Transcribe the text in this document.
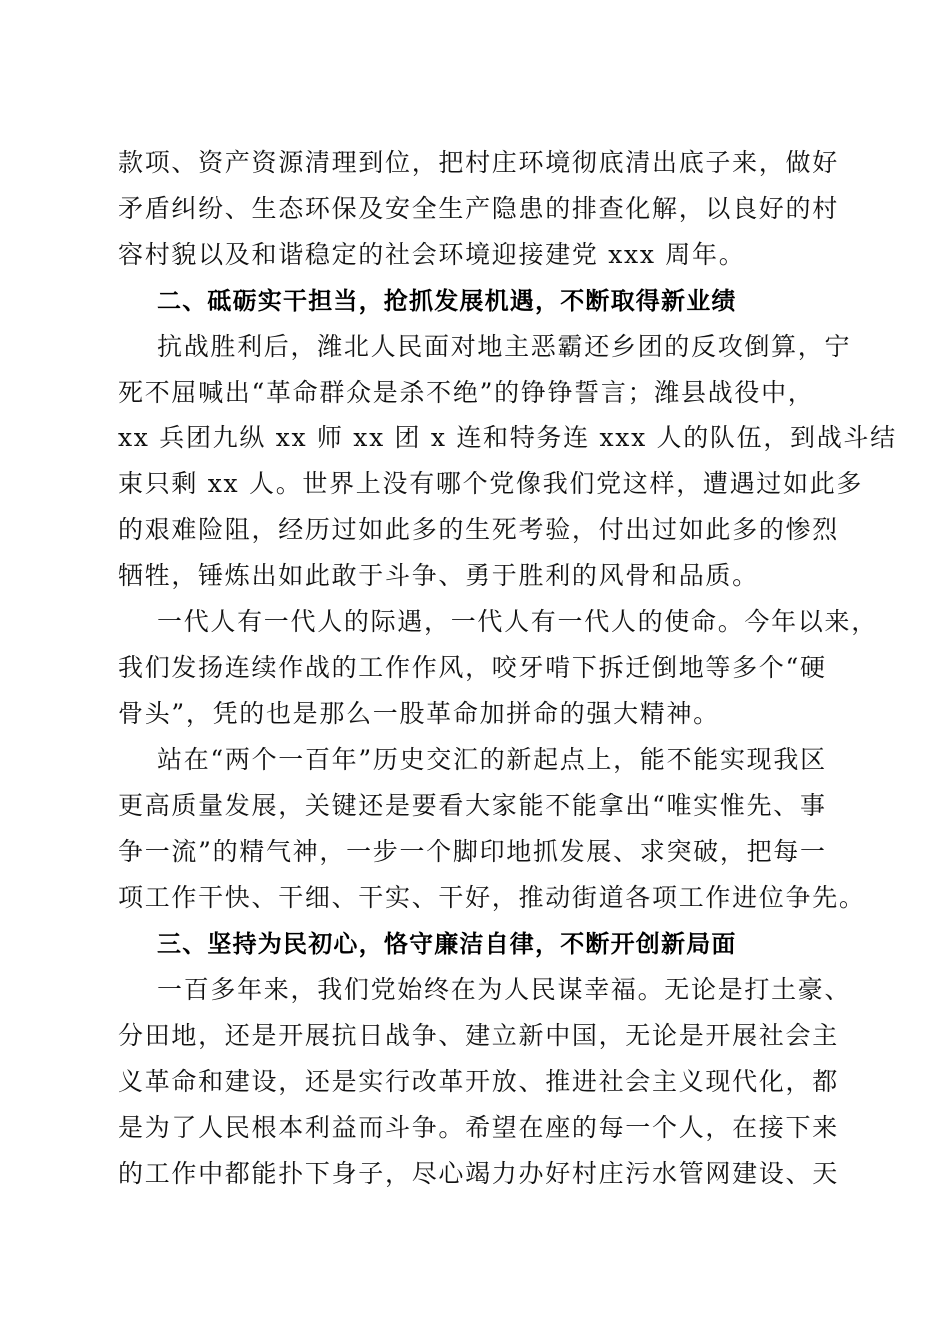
款项、资产资源清理到位，把村庄环境彻底清出底子来，做好
矛盾纠纷、生态环保及安全生产隐患的排查化解，以良好的村
容村貌以及和谐稳定的社会环境迎接建党 xxx 周年。
二、砥砺实干担当，抢抓发展机遇，不断取得新业绩
抗战胜利后，潍北人民面对地主恶霸还乡团的反攻倒算，宁
死不屈喊出“革命群众是杀不绝”的铮铮誓言；潍县战役中，
xx 兵团九纵 xx 师 xx 团 x 连和特务连 xxx 人的队伍，到战斗结
束只剩 xx 人。世界上没有哪个党像我们党这样，遭遇过如此多
的艰难险阻，经历过如此多的生死考验，付出过如此多的惨烈
牺牲，锤炼出如此敢于斗争、勇于胜利的风骨和品质。
一代人有一代人的际遇，一代人有一代人的使命。今年以来，
我们发扬连续作战的工作作风，咬牙啃下拆迁倒地等多个“硬
骨头”，凭的也是那么一股革命加拼命的强大精神。
站在“两个一百年”历史交汇的新起点上，能不能实现我区
更高质量发展，关键还是要看大家能不能拿出“唯实惟先、事
争一流”的精气神，一步一个脚印地抓发展、求突破，把每一
项工作干快、干细、干实、干好，推动街道各项工作进位争先。
三、坚持为民初心，恪守廉洁自律，不断开创新局面
一百多年来，我们党始终在为人民谋幸福。无论是打土豪、
分田地，还是开展抗日战争、建立新中国，无论是开展社会主
义革命和建设，还是实行改革开放、推进社会主义现代化，都
是为了人民根本利益而斗争。希望在座的每一个人，在接下来
的工作中都能扑下身子，尽心竭力办好村庄污水管网建设、天
